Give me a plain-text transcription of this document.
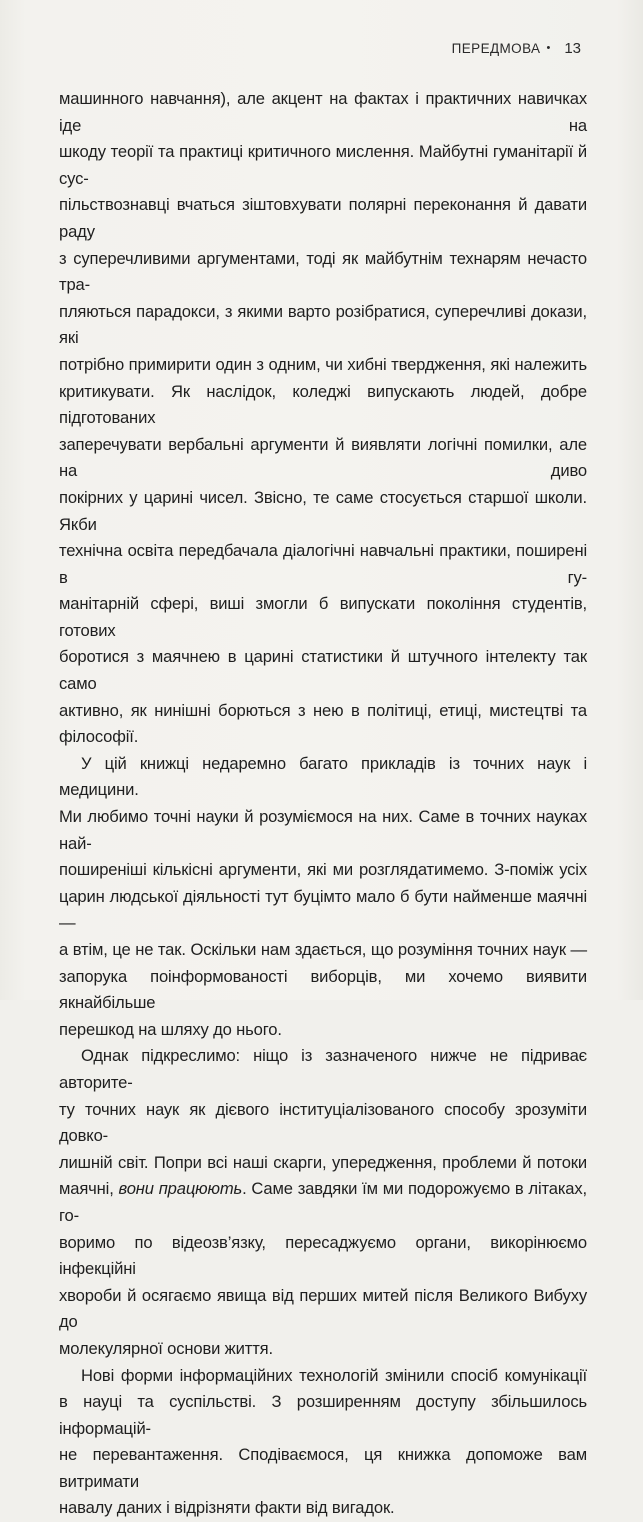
ПЕРЕДМОВА • 13

машинного навчання), але акцент на фактах і практичних навичках іде на

шкоду теорії та практиці критичного мислення. Майбутні гуманітарії й сус-

пільствознавці вчаться зіштовхувати полярні переконання й давати раду

з суперечливими аргументами, тоді як майбутнім технарям нечасто тра-

пляються парадокси, з якими варто розібратися, суперечливі докази, які

потрібно примирити один з одним, чи хибні твердження, які належить

критикувати. Як наслідок, коледжі випускають людей, добре підготованих

заперечувати вербальні аргументи й виявляти логічні помилки, але на диво

покірних у царині чисел. Звісно, те саме стосується старшої школи. Якби

технічна освіта передбачала діалогічні навчальні практики, поширені в гу-

манітарній сфері, виші змогли б випускати покоління студентів, готових

боротися з маячнею в царині статистики й штучного інтелекту так само

активно, як нинішні борються з нею в політиці, етиці, мистецтві та філософії.

У цій книжці недаремно багато прикладів із точних наук і медицини.

Ми любимо точні науки й розуміємося на них. Саме в точних науках най-

поширеніші кількісні аргументи, які ми розглядатимемо. З-поміж усіх

царин людської діяльності тут буцімто мало б бути найменше маячні —

а втім, це не так. Оскільки нам здається, що розуміння точних наук —

запорука поінформованості виборців, ми хочемо виявити якнайбільше

перешкод на шляху до нього.

Однак підкреслимо: ніщо із зазначеного нижче не підриває авторите-

ту точних наук як дієвого інституціалізованого способу зрозуміти довко-

лишній світ. Попри всі наші скарги, упередження, проблеми й потоки

маячні, вони працюють. Саме завдяки їм ми подорожуємо в літаках, го-

воримо по відеозв’язку, пересаджуємо органи, викорінюємо інфекційні

хвороби й осягаємо явища від перших митей після Великого Вибуху до

молекулярної основи життя.

Нові форми інформаційних технологій змінили спосіб комунікації

в науці та суспільстві. З розширенням доступу збільшилось інформацій-

не перевантаження. Сподіваємося, ця книжка допоможе вам витримати

навалу даних і відрізняти факти від вигадок.
